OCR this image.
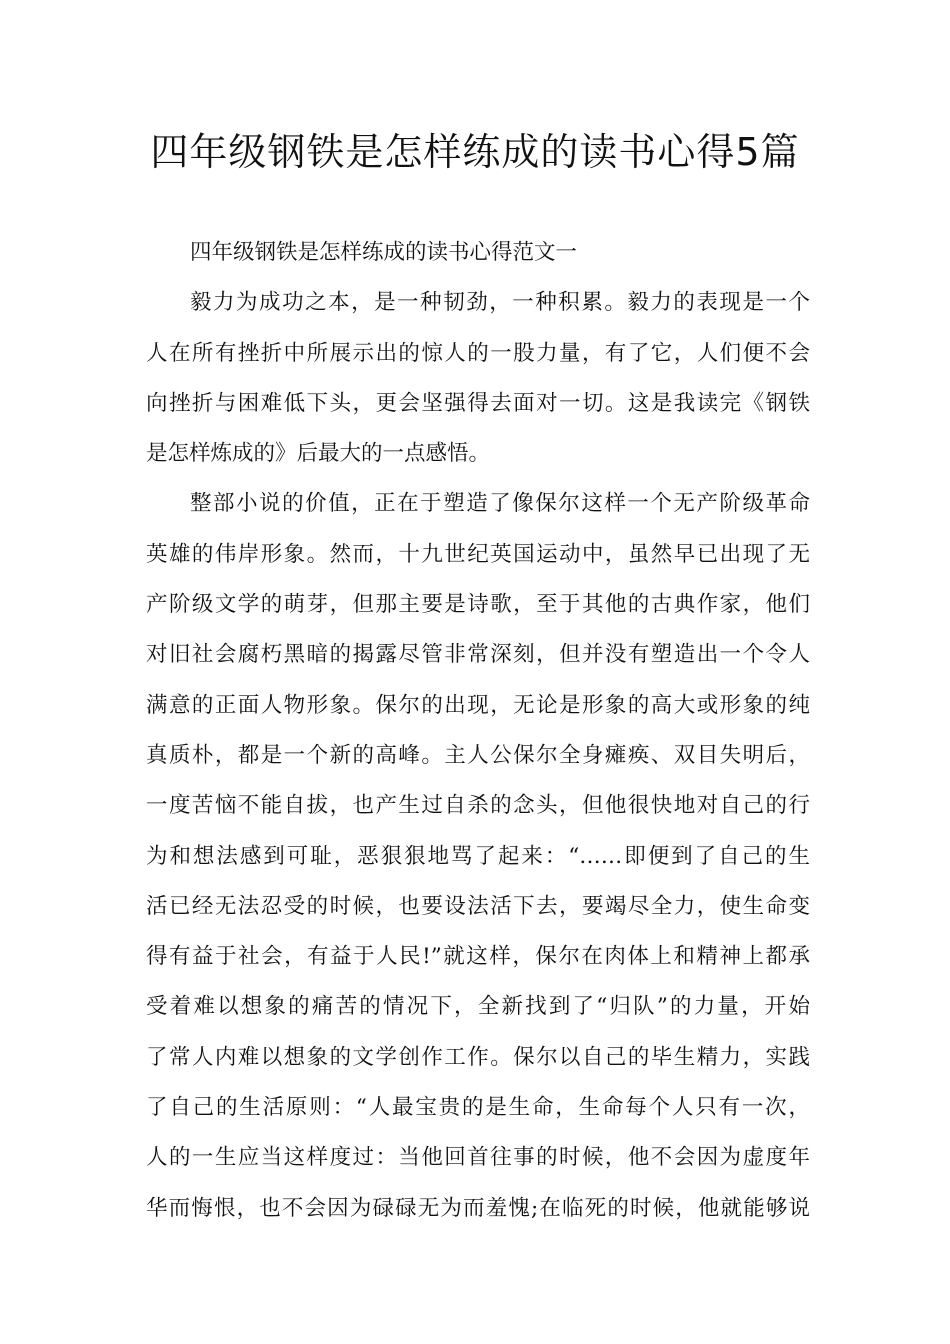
四年级钢铁是怎样练成的读书心得5篇
四年级钢铁是怎样练成的读书心得范文一
毅力为成功之本，是一种韧劲，一种积累。毅力的表现是一个
人在所有挫折中所展示出的惊人的一股力量，有了它，人们便不会
向挫折与困难低下头，更会坚强得去面对一切。这是我读完《钢铁
是怎样炼成的》后最大的一点感悟。
整部小说的价值，正在于塑造了像保尔这样一个无产阶级革命
英雄的伟岸形象。然而，十九世纪英国运动中，虽然早已出现了无
产阶级文学的萌芽，但那主要是诗歌，至于其他的古典作家，他们
对旧社会腐朽黑暗的揭露尽管非常深刻，但并没有塑造出一个令人
满意的正面人物形象。保尔的出现，无论是形象的高大或形象的纯
真质朴，都是一个新的高峰。主人公保尔全身瘫痪、双目失明后，
一度苦恼不能自拔，也产生过自杀的念头，但他很快地对自己的行
为和想法感到可耻，恶狠狠地骂了起来：“……即便到了自己的生
活已经无法忍受的时候，也要设法活下去，要竭尽全力，使生命变
得有益于社会，有益于人民!”就这样，保尔在肉体上和精神上都承
受着难以想象的痛苦的情况下，全新找到了“归队”的力量，开始
了常人内难以想象的文学创作工作。保尔以自己的毕生精力，实践
了自己的生活原则：“人最宝贵的是生命，生命每个人只有一次，
人的一生应当这样度过：当他回首往事的时候，他不会因为虚度年
华而悔恨，也不会因为碌碌无为而羞愧;在临死的时候，他就能够说
